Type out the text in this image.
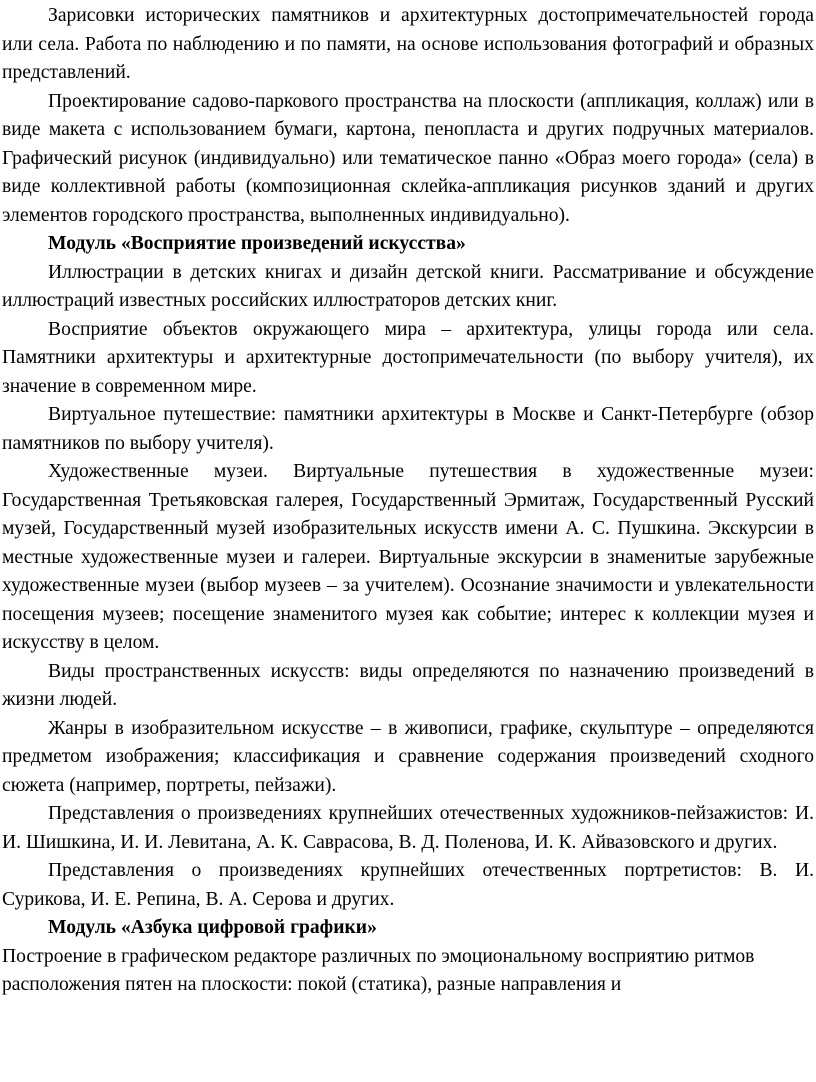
Зарисовки исторических памятников и архитектурных достопримечательностей города или села. Работа по наблюдению и по памяти, на основе использования фотографий и образных представлений.

Проектирование садово-паркового пространства на плоскости (аппликация, коллаж) или в виде макета с использованием бумаги, картона, пенопласта и других подручных материалов. Графический рисунок (индивидуально) или тематическое панно «Образ моего города» (села) в виде коллективной работы (композиционная склейка-аппликация рисунков зданий и других элементов городского пространства, выполненных индивидуально).

Модуль «Восприятие произведений искусства»

Иллюстрации в детских книгах и дизайн детской книги. Рассматривание и обсуждение иллюстраций известных российских иллюстраторов детских книг.

Восприятие объектов окружающего мира – архитектура, улицы города или села. Памятники архитектуры и архитектурные достопримечательности (по выбору учителя), их значение в современном мире.

Виртуальное путешествие: памятники архитектуры в Москве и Санкт-Петербурге (обзор памятников по выбору учителя).

Художественные музеи. Виртуальные путешествия в художественные музеи: Государственная Третьяковская галерея, Государственный Эрмитаж, Государственный Русский музей, Государственный музей изобразительных искусств имени А. С. Пушкина. Экскурсии в местные художественные музеи и галереи. Виртуальные экскурсии в знаменитые зарубежные художественные музеи (выбор музеев – за учителем). Осознание значимости и увлекательности посещения музеев; посещение знаменитого музея как событие; интерес к коллекции музея и искусству в целом.

Виды пространственных искусств: виды определяются по назначению произведений в жизни людей.

Жанры в изобразительном искусстве – в живописи, графике, скульптуре – определяются предметом изображения; классификация и сравнение содержания произведений сходного сюжета (например, портреты, пейзажи).

Представления о произведениях крупнейших отечественных художников-пейзажистов: И. И. Шишкина, И. И. Левитана, А. К. Саврасова, В. Д. Поленова, И. К. Айвазовского и других.

Представления о произведениях крупнейших отечественных портретистов: В. И. Сурикова, И. Е. Репина, В. А. Серова и других.

Модуль «Азбука цифровой графики»

Построение в графическом редакторе различных по эмоциональному восприятию ритмов расположения пятен на плоскости: покой (статика), разные направления и
